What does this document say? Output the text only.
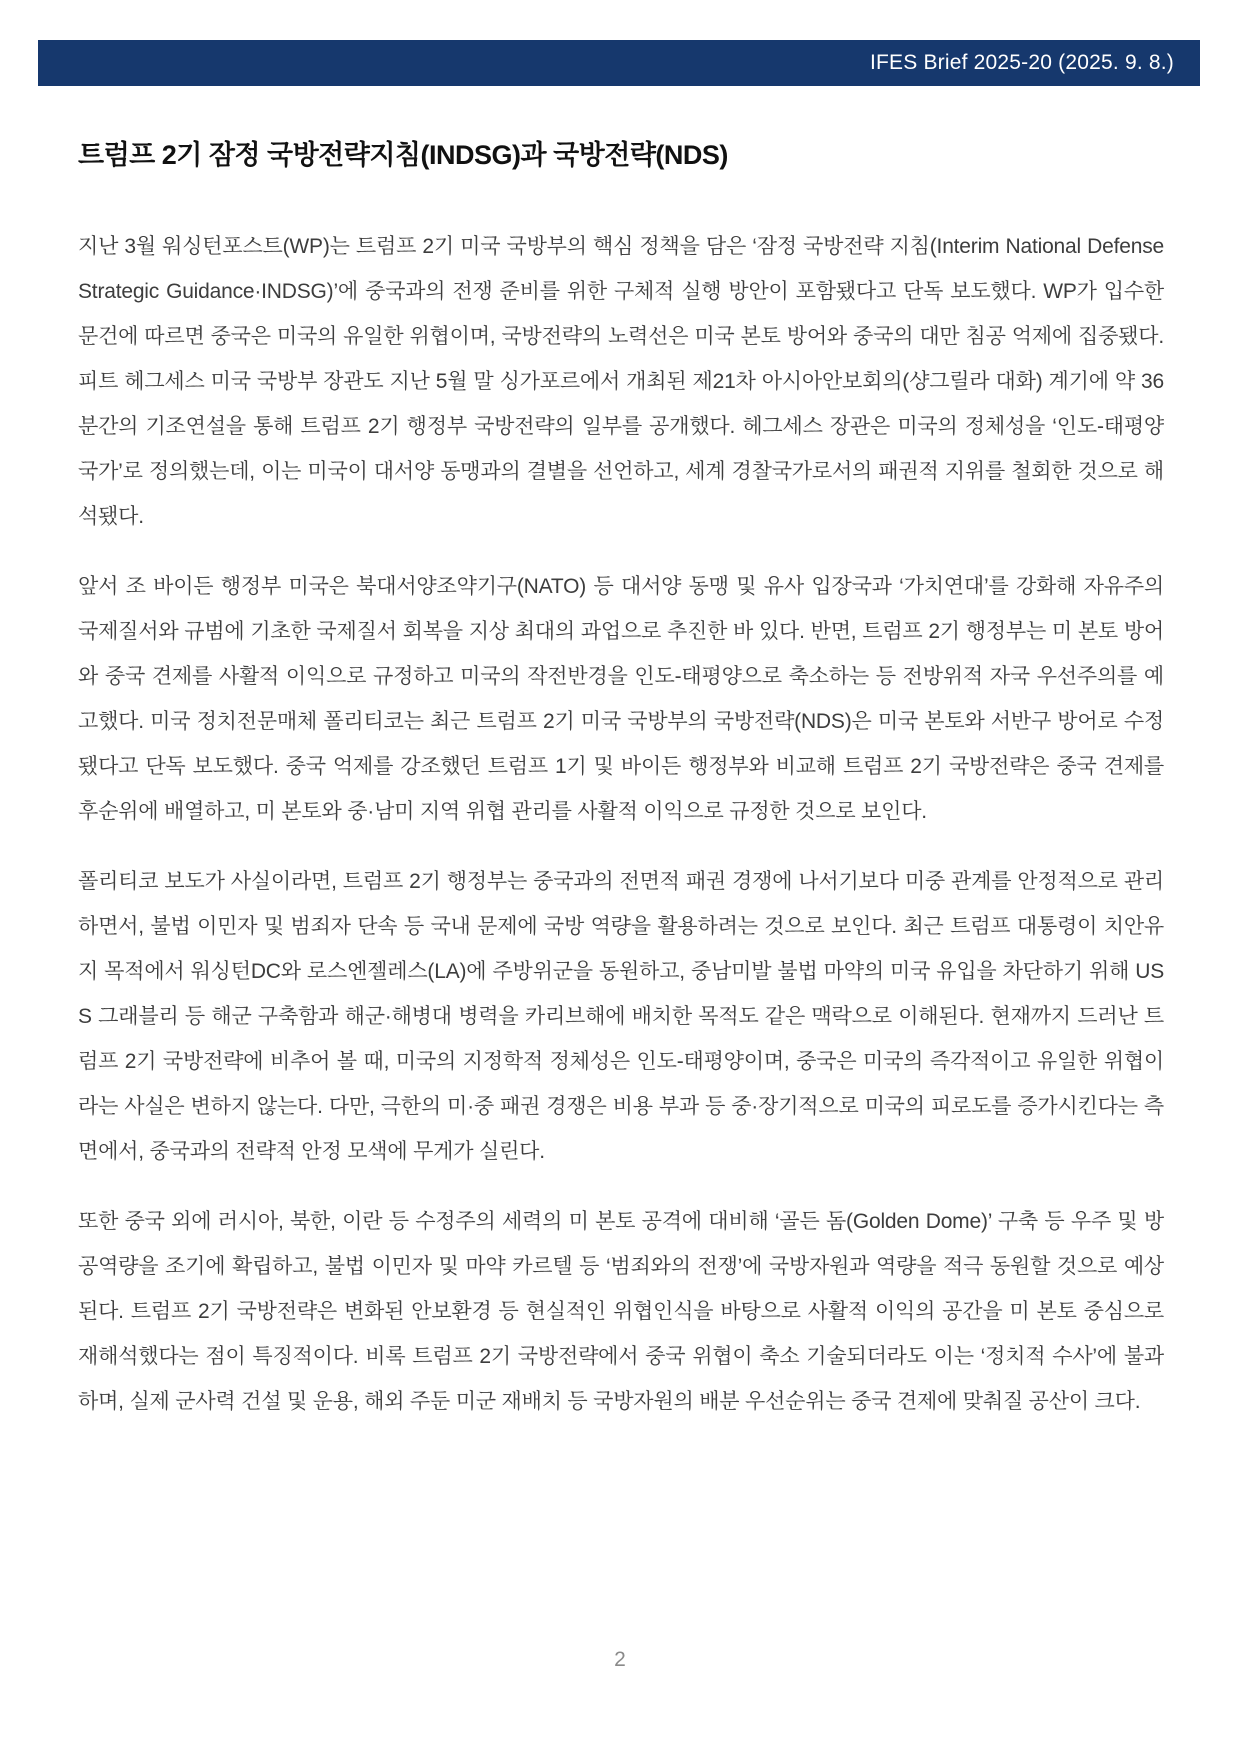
IFES Brief 2025-20 (2025. 9. 8.)
트럼프 2기 잠정 국방전략지침(INDSG)과 국방전략(NDS)

지난 3월 워싱턴포스트(WP)는 트럼프 2기 미국 국방부의 핵심 정책을 담은 ‘잠정 국방전략 지침(Interim National Defense Strategic Guidance·INDSG)’에 중국과의 전쟁 준비를 위한 구체적 실행 방안이 포함됐다고 단독 보도했다. WP가 입수한 문건에 따르면 중국은 미국의 유일한 위협이며, 국방전략의 노력선은 미국 본토 방어와 중국의 대만 침공 억제에 집중됐다. 피트 헤그세스 미국 국방부 장관도 지난 5월 말 싱가포르에서 개최된 제21차 아시아안보회의(샹그릴라 대화) 계기에 약 36분간의 기조연설을 통해 트럼프 2기 행정부 국방전략의 일부를 공개했다. 헤그세스 장관은 미국의 정체성을 ‘인도-태평양 국가’로 정의했는데, 이는 미국이 대서양 동맹과의 결별을 선언하고, 세계 경찰국가로서의 패권적 지위를 철회한 것으로 해석됐다.

앞서 조 바이든 행정부 미국은 북대서양조약기구(NATO) 등 대서양 동맹 및 유사 입장국과 ‘가치연대’를 강화해 자유주의 국제질서와 규범에 기초한 국제질서 회복을 지상 최대의 과업으로 추진한 바 있다. 반면, 트럼프 2기 행정부는 미 본토 방어와 중국 견제를 사활적 이익으로 규정하고 미국의 작전반경을 인도-태평양으로 축소하는 등 전방위적 자국 우선주의를 예고했다. 미국 정치전문매체 폴리티코는 최근 트럼프 2기 미국 국방부의 국방전략(NDS)은 미국 본토와 서반구 방어로 수정됐다고 단독 보도했다. 중국 억제를 강조했던 트럼프 1기 및 바이든 행정부와 비교해 트럼프 2기 국방전략은 중국 견제를 후순위에 배열하고, 미 본토와 중·남미 지역 위협 관리를 사활적 이익으로 규정한 것으로 보인다.

폴리티코 보도가 사실이라면, 트럼프 2기 행정부는 중국과의 전면적 패권 경쟁에 나서기보다 미중 관계를 안정적으로 관리하면서, 불법 이민자 및 범죄자 단속 등 국내 문제에 국방 역량을 활용하려는 것으로 보인다. 최근 트럼프 대통령이 치안유지 목적에서 워싱턴DC와 로스엔젤레스(LA)에 주방위군을 동원하고, 중남미발 불법 마약의 미국 유입을 차단하기 위해 USS 그래블리 등 해군 구축함과 해군·해병대 병력을 카리브해에 배치한 목적도 같은 맥락으로 이해된다. 현재까지 드러난 트럼프 2기 국방전략에 비추어 볼 때, 미국의 지정학적 정체성은 인도-태평양이며, 중국은 미국의 즉각적이고 유일한 위협이라는 사실은 변하지 않는다. 다만, 극한의 미·중 패권 경쟁은 비용 부과 등 중·장기적으로 미국의 피로도를 증가시킨다는 측면에서, 중국과의 전략적 안정 모색에 무게가 실린다.

또한 중국 외에 러시아, 북한, 이란 등 수정주의 세력의 미 본토 공격에 대비해 ‘골든 돔(Golden Dome)’ 구축 등 우주 및 방공역량을 조기에 확립하고, 불법 이민자 및 마약 카르텔 등 ‘범죄와의 전쟁’에 국방자원과 역량을 적극 동원할 것으로 예상된다. 트럼프 2기 국방전략은 변화된 안보환경 등 현실적인 위협인식을 바탕으로 사활적 이익의 공간을 미 본토 중심으로 재해석했다는 점이 특징적이다. 비록 트럼프 2기 국방전략에서 중국 위협이 축소 기술되더라도 이는 ‘정치적 수사’에 불과하며, 실제 군사력 건설 및 운용, 해외 주둔 미군 재배치 등 국방자원의 배분 우선순위는 중국 견제에 맞춰질 공산이 크다.

2
